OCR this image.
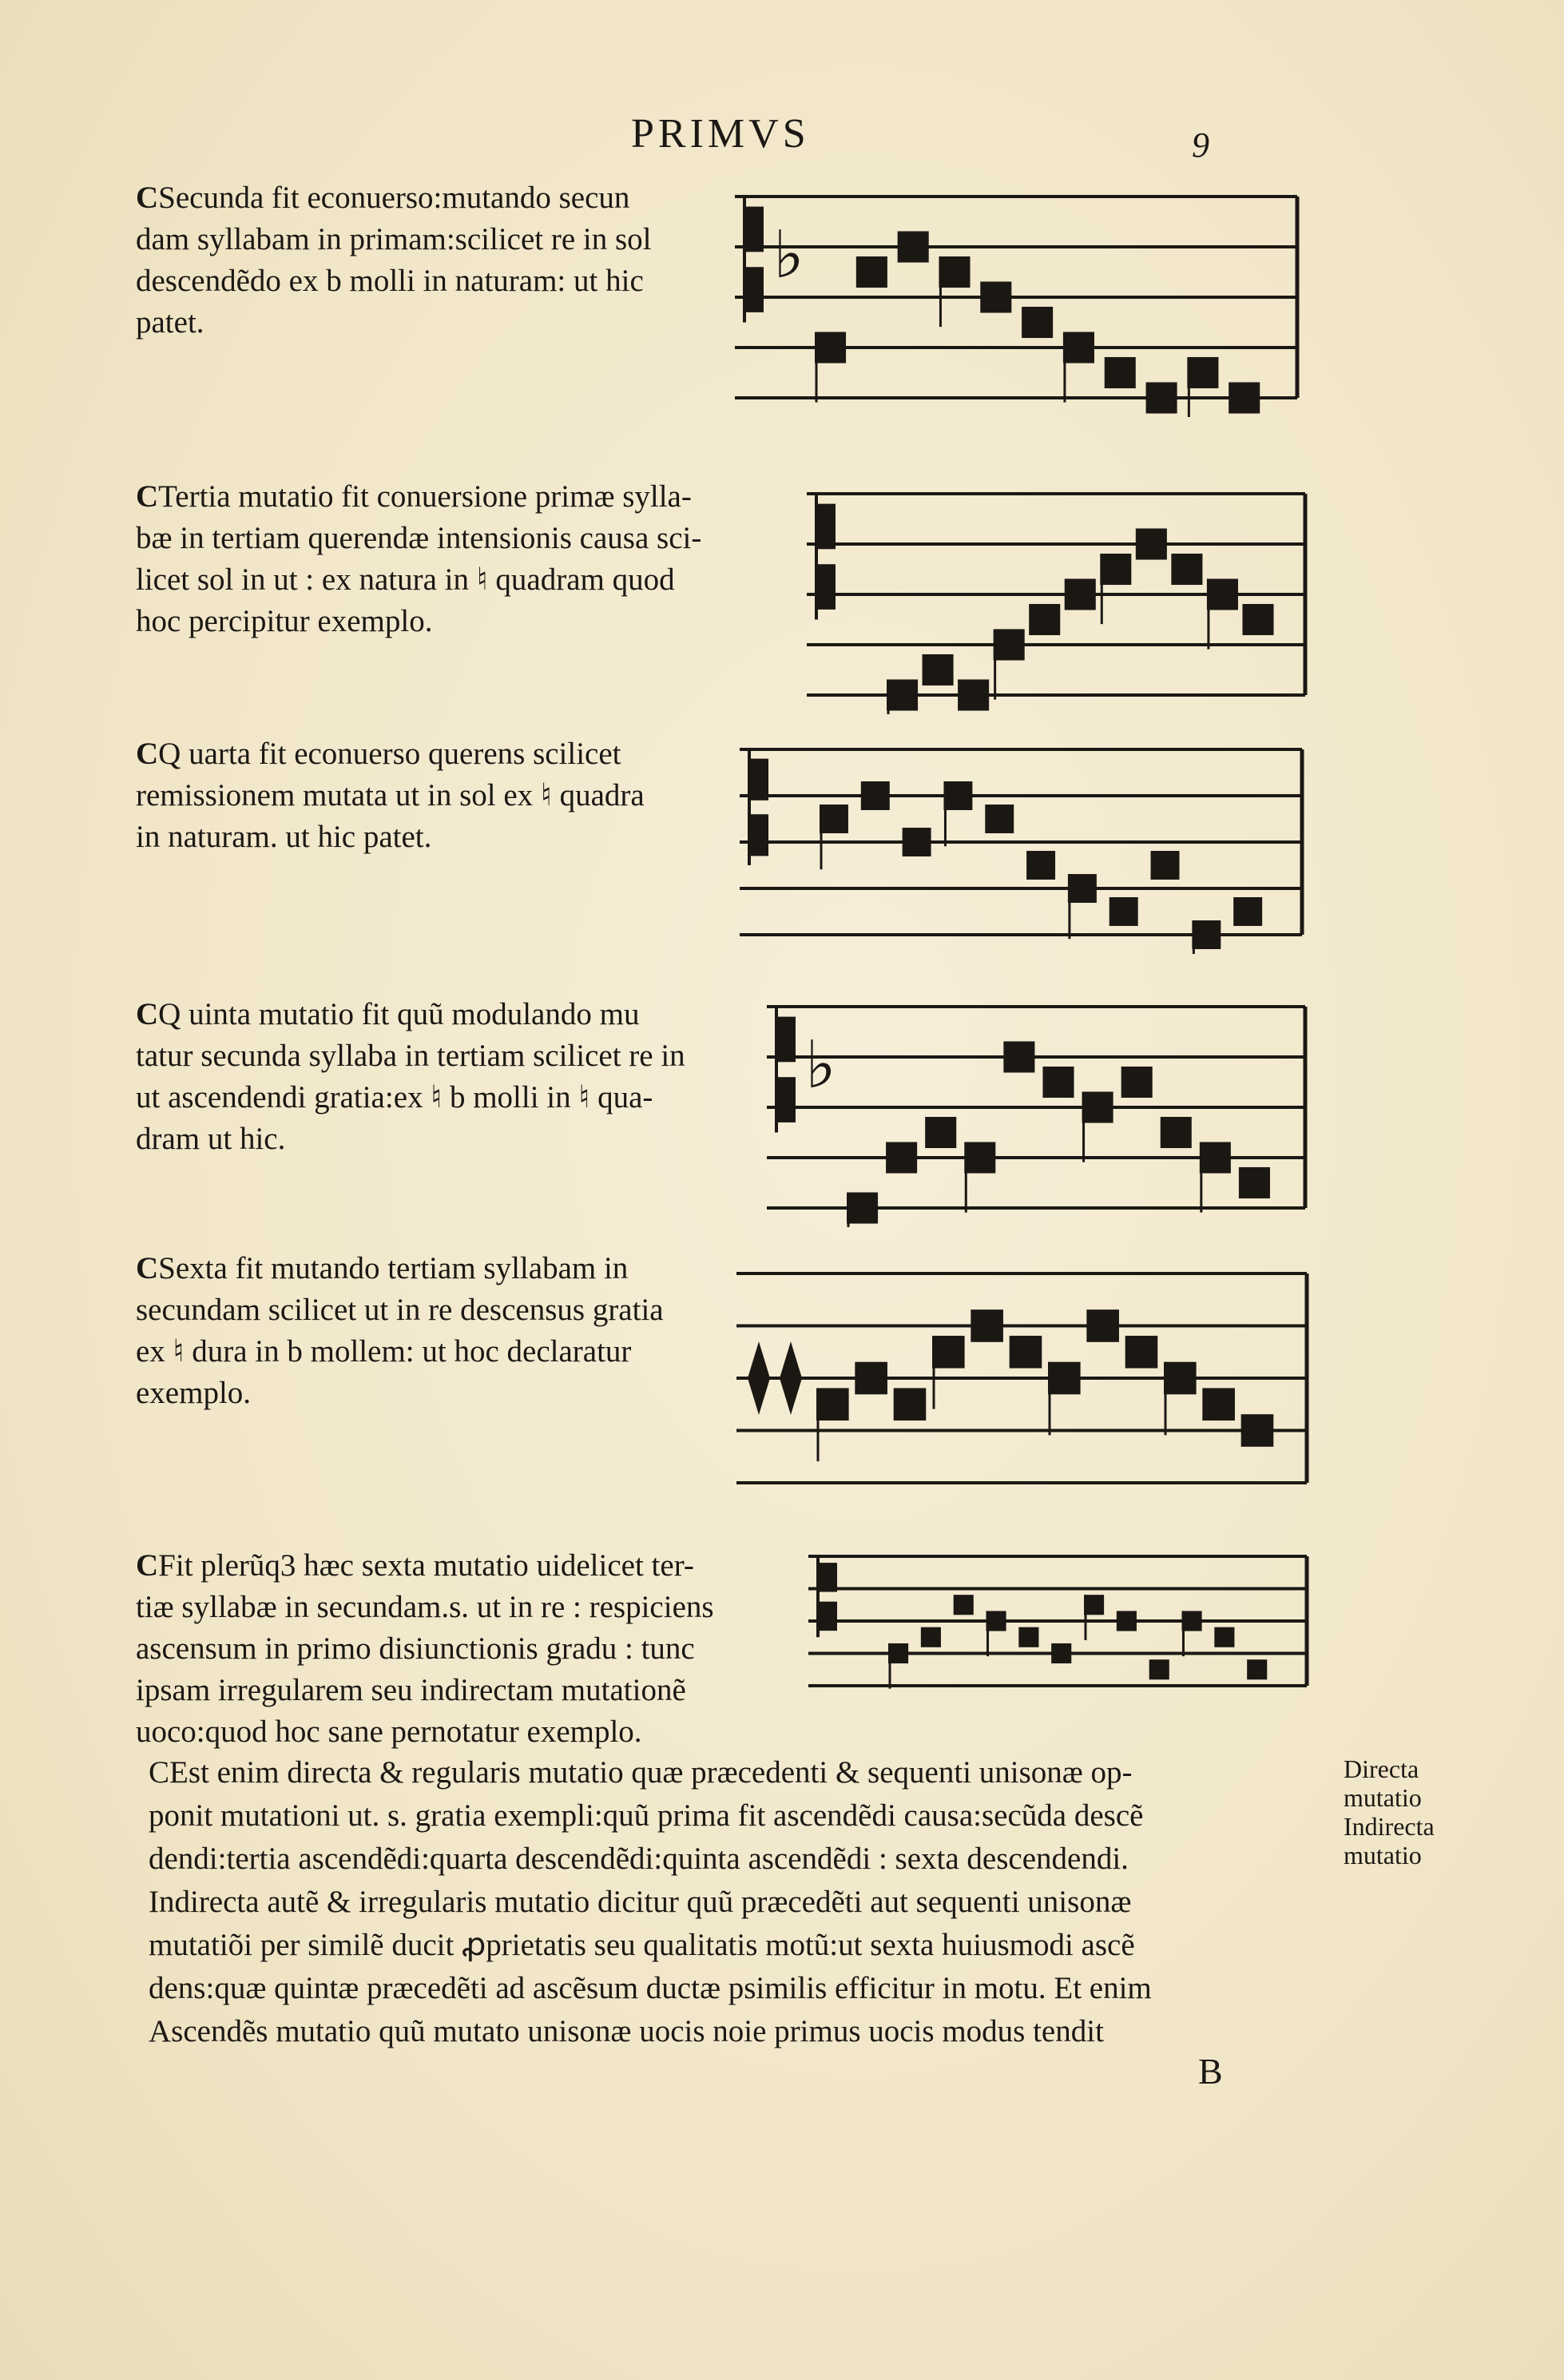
PRIMVS	9
CSecunda fit econuerso:mutando secun
dam syllabam in primam:scilicet re in sol
descendẽdo ex b molli in naturam: ut hic
patet.
♭
CTertia mutatio fit conuersione primæ sylla-
bæ in tertiam querendæ intensionis causa sci-
licet sol in ut : ex natura in ♮ quadram quod
hoc percipitur exemplo.
CQ uarta fit econuerso querens scilicet
remissionem mutata ut in sol ex ♮ quadra
in naturam. ut hic patet.
CQ uinta mutatio fit quũ modulando mu
tatur secunda syllaba in tertiam scilicet re in
ut ascendendi gratia:ex ♮ b molli in ♮ qua-
dram ut hic.
♭
CSexta fit mutando tertiam syllabam in
secundam scilicet ut in re descensus gratia
ex ♮ dura in b mollem: ut hoc declaratur
exemplo.
CFit plerũq3 hæc sexta mutatio uidelicet ter-
tiæ syllabæ in secundam.s. ut in re : respiciens
ascensum in primo disiunctionis gradu : tunc
ipsam irregularem seu indirectam mutationẽ
uoco:quod hoc sane pernotatur exemplo.
CEst enim directa & regularis mutatio quæ præcedenti & sequenti unisonæ op-
ponit mutationi ut. s. gratia exempli:quũ prima fit ascendẽdi causa:secũda descẽ
dendi:tertia ascendẽdi:quarta descendẽdi:quinta ascendẽdi : sexta descendendi.
Indirecta autẽ & irregularis mutatio dicitur quũ præcedẽti aut sequenti unisonæ
mutatiõi per similẽ ducit ꝓprietatis seu qualitatis motũ:ut sexta huiusmodi ascẽ
dens:quæ quintæ præcedẽti ad ascẽsum ductæ psimilis efficitur in motu. Et enim
Ascendẽs mutatio quũ mutato unisonæ uocis noie primus uocis modus tendit
Directa
mutatio
Indirecta
mutatio
B
